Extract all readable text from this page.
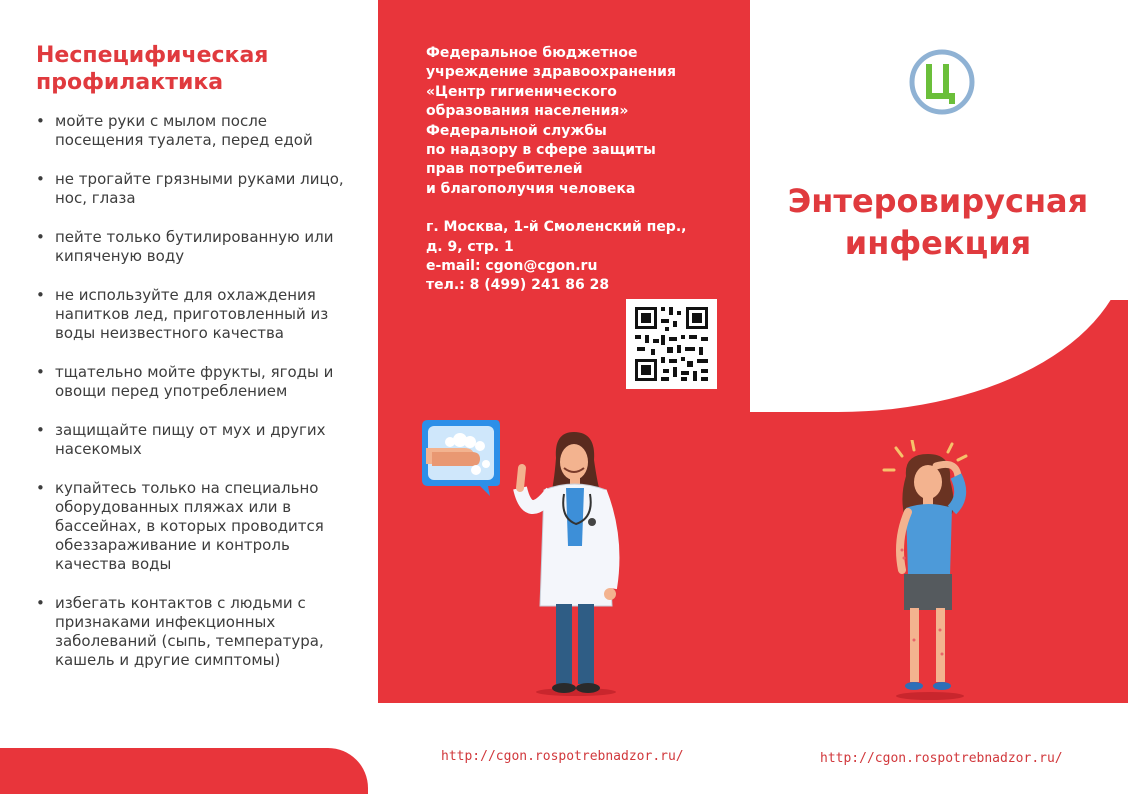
Неспецифическая профилактика
• мойте руки с мылом после посещения туалета, перед едой
• не трогайте грязными руками лицо, нос, глаза
• пейте только бутилированную или кипяченую воду
• не используйте для охлаждения напитков лед, приготовленный из воды неизвестного качества
• тщательно мойте фрукты, ягоды и овощи перед употреблением
• защищайте пищу от мух и других насекомых
• купайтесь только на специально оборудованных пляжах или в бассейнах, в которых проводится обеззараживание и контроль качества воды
• избегать контактов с людьми с признаками инфекционных заболеваний (сыпь, температура, кашель и другие симптомы)

Федеральное бюджетное

учреждение здравоохранения

«Центр гигиенического

образования населения»

Федеральной службы

по надзору в сфере защиты

прав потребителей

и благополучия человека

г. Москва, 1-й Смоленский пер.,

д. 9, стр. 1

e-mail: cgon@cgon.ru

тел.: 8 (499) 241 86 28

Энтеровирусная
инфекция
http://cgon.rospotrebnadzor.ru/	http://cgon.rospotrebnadzor.ru/
